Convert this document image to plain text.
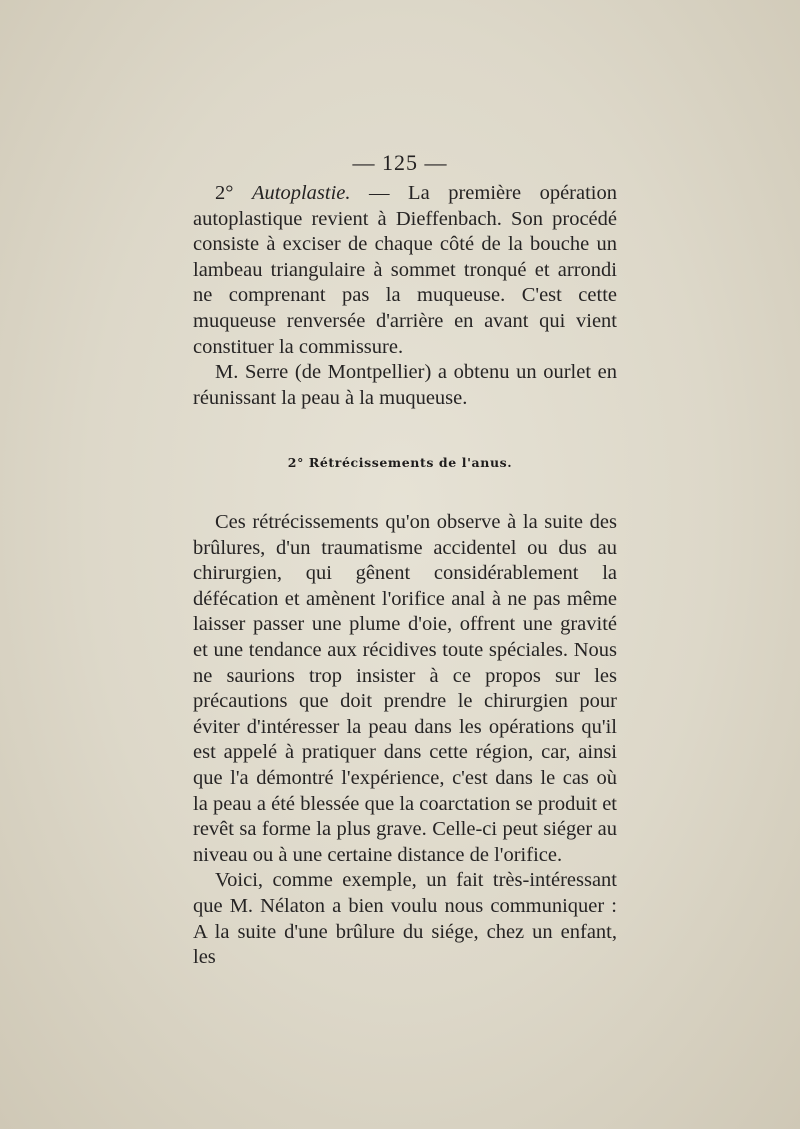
— 125 —

2° Autoplastie. — La première opération autoplastique revient à Dieffenbach. Son procédé consiste à exciser de chaque côté de la bouche un lambeau triangulaire à sommet tronqué et arrondi ne comprenant pas la muqueuse. C'est cette muqueuse renversée d'arrière en avant qui vient constituer la commissure.

M. Serre (de Montpellier) a obtenu un ourlet en réunissant la peau à la muqueuse.

2° Rétrécissements de l'anus.

Ces rétrécissements qu'on observe à la suite des brûlures, d'un traumatisme accidentel ou dus au chirurgien, qui gênent considérablement la défécation et amènent l'orifice anal à ne pas même laisser passer une plume d'oie, offrent une gravité et une tendance aux récidives toute spéciales. Nous ne saurions trop insister à ce propos sur les précautions que doit prendre le chirurgien pour éviter d'intéresser la peau dans les opérations qu'il est appelé à pratiquer dans cette région, car, ainsi que l'a démontré l'expérience, c'est dans le cas où la peau a été blessée que la coarctation se produit et revêt sa forme la plus grave. Celle-ci peut siéger au niveau ou à une certaine distance de l'orifice.

Voici, comme exemple, un fait très-intéressant que M. Nélaton a bien voulu nous communiquer : A la suite d'une brûlure du siége, chez un enfant, les
